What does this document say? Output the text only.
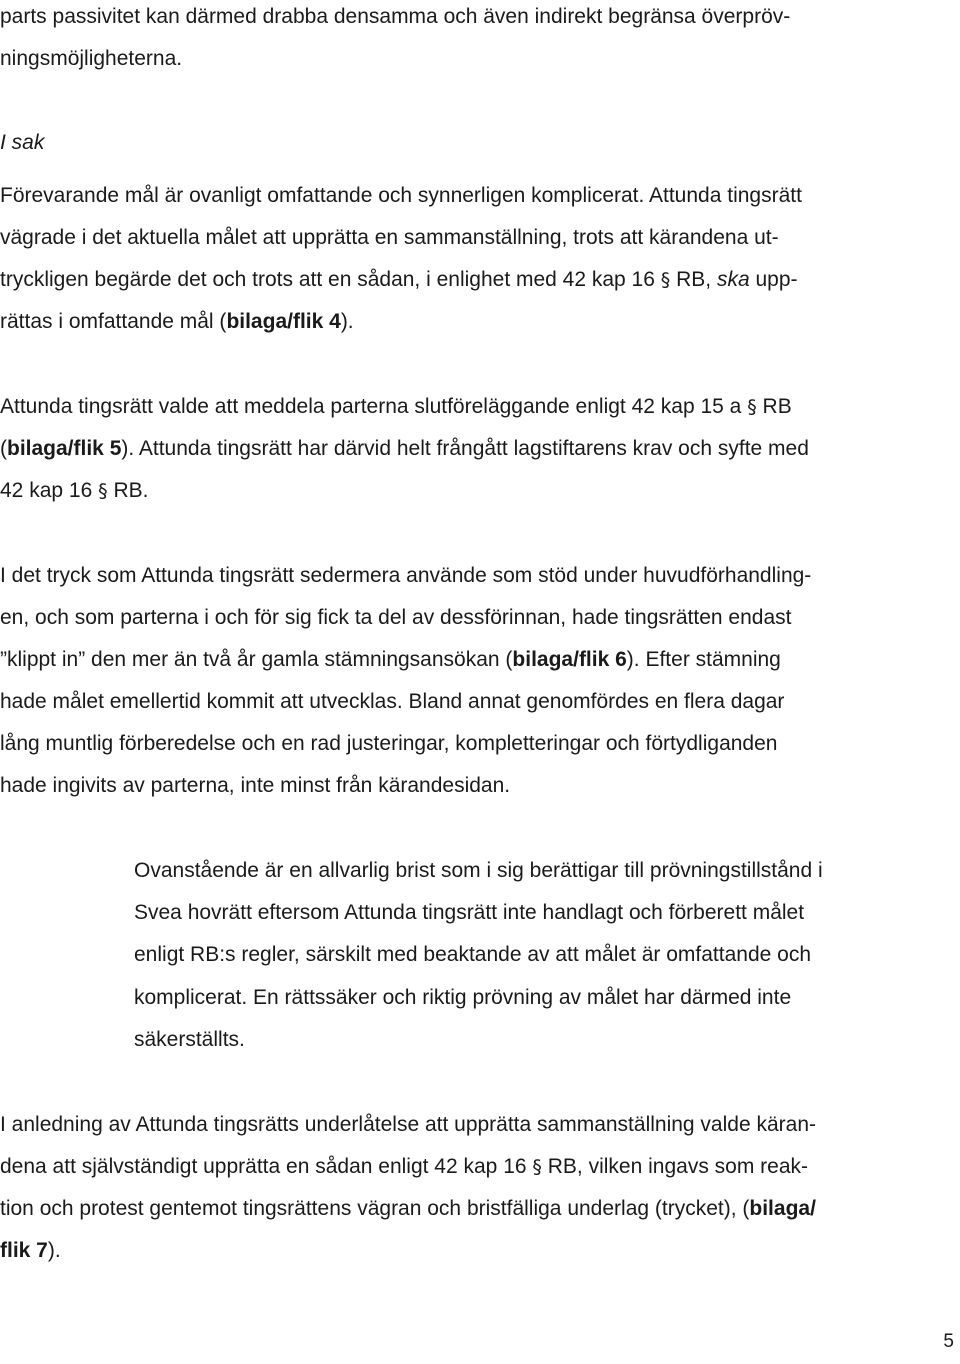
parts passivitet kan därmed drabba densamma och även indirekt begränsa överpröv-
ningsmöjligheterna.
I sak
Förevarande mål är ovanligt omfattande och synnerligen komplicerat. Attunda tingsrätt
vägrade i det aktuella målet att upprätta en sammanställning, trots att kärandena ut-
tryckligen begärde det och trots att en sådan, i enlighet med 42 kap 16 § RB, ska upp-
rättas i omfattande mål (bilaga/flik 4).
Attunda tingsrätt valde att meddela parterna slutföreläggande enligt 42 kap 15 a § RB
(bilaga/flik 5). Attunda tingsrätt har därvid helt frångått lagstiftarens krav och syfte med
42 kap 16 § RB.
I det tryck som Attunda tingsrätt sedermera använde som stöd under huvudförhandling-
en, och som parterna i och för sig fick ta del av dessförinnan, hade tingsrätten endast
”klippt in” den mer än två år gamla stämningsansökan (bilaga/flik 6). Efter stämning
hade målet emellertid kommit att utvecklas. Bland annat genomfördes en flera dagar
lång muntlig förberedelse och en rad justeringar, kompletteringar och förtydliganden
hade ingivits av parterna, inte minst från kärandesidan.
Ovanstående är en allvarlig brist som i sig berättigar till prövningstillstånd i
Svea hovrätt eftersom Attunda tingsrätt inte handlagt och förberett målet
enligt RB:s regler, särskilt med beaktande av att målet är omfattande och
komplicerat. En rättssäker och riktig prövning av målet har därmed inte
säkerställts.
I anledning av Attunda tingsrätts underlåtelse att upprätta sammanställning valde käran-
dena att självständigt upprätta en sådan enligt 42 kap 16 § RB, vilken ingavs som reak-
tion och protest gentemot tingsrättens vägran och bristfälliga underlag (trycket), (bilaga/
flik 7).
5
